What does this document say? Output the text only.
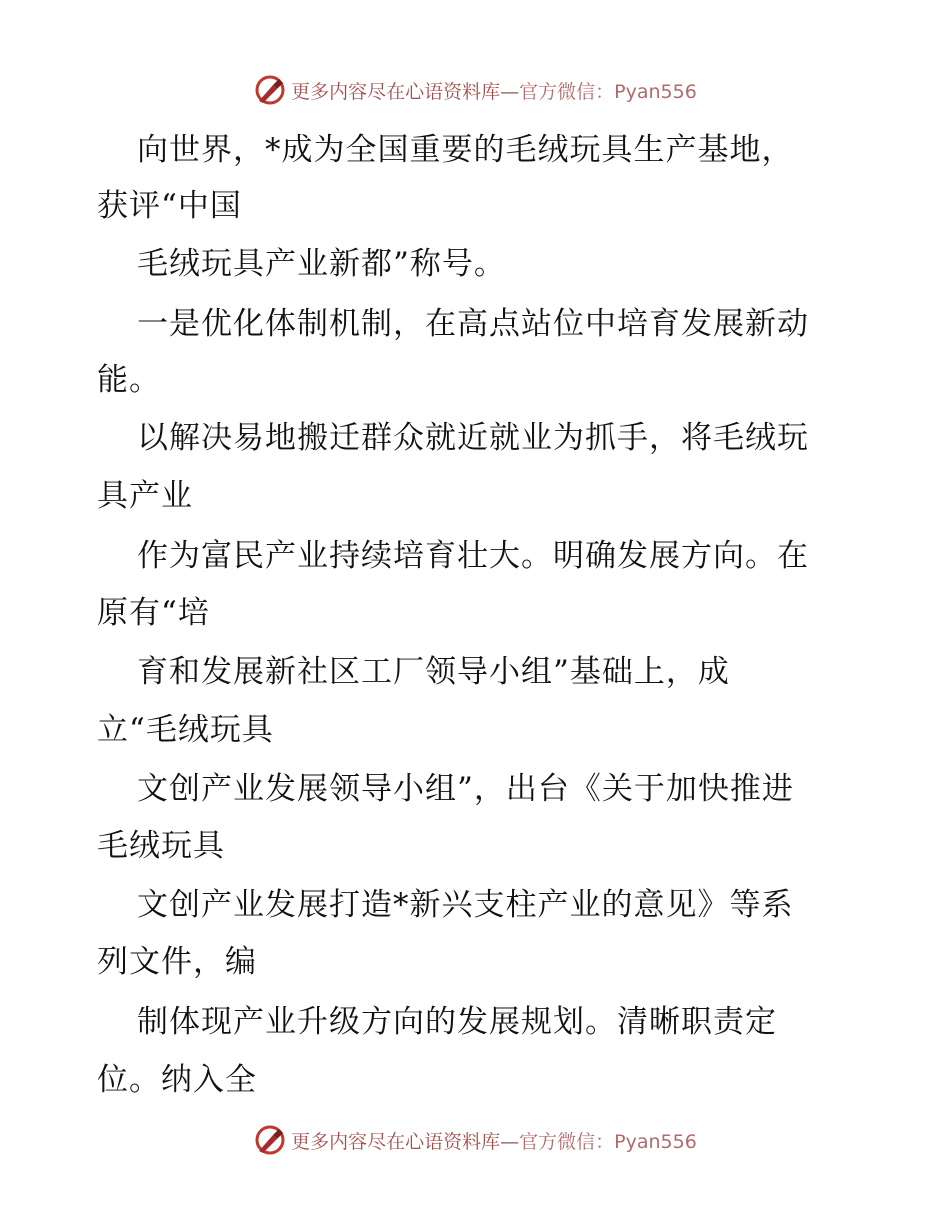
更多内容尽在心语资料库—官方微信：Pyan556
向世界，*成为全国重要的毛绒玩具生产基地，
获评“中国
毛绒玩具产业新都”称号。
一是优化体制机制，在高点站位中培育发展新动
能。
以解决易地搬迁群众就近就业为抓手，将毛绒玩
具产业
作为富民产业持续培育壮大。明确发展方向。在
原有“培
育和发展新社区工厂领导小组”基础上，成
立“毛绒玩具
文创产业发展领导小组”，出台《关于加快推进
毛绒玩具
文创产业发展打造*新兴支柱产业的意见》等系
列文件，编
制体现产业升级方向的发展规划。清晰职责定
位。纳入全
更多内容尽在心语资料库—官方微信：Pyan556
